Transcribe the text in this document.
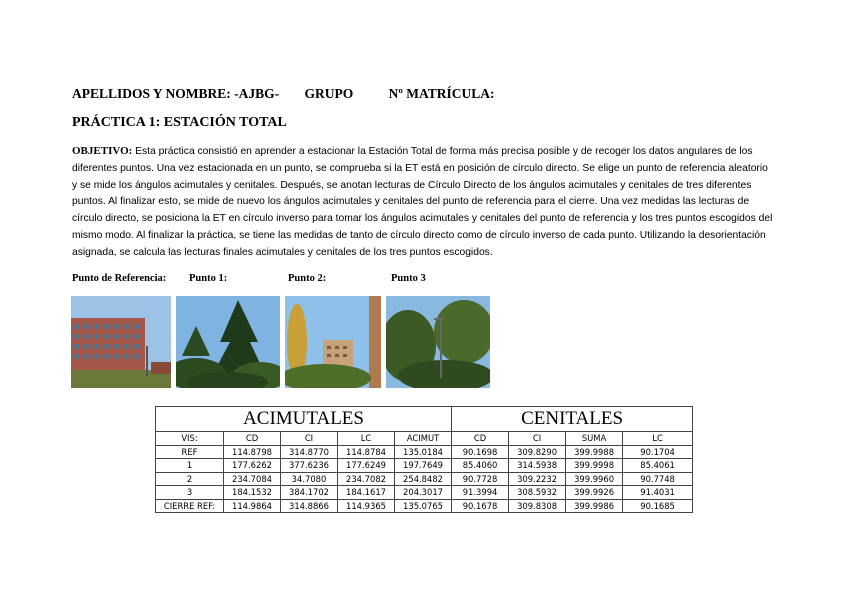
APELLIDOS Y NOMBRE: -AJBG- GRUPO	Nº MATRÍCULA:
PRÁCTICA 1: ESTACIÓN TOTAL
OBJETIVO: Esta práctica consistió en aprender a estacionar la Estación Total de forma más precisa posible y de recoger los datos angulares de los diferentes puntos. Una vez estacionada en un punto, se comprueba si la ET está en posición de círculo directo. Se elige un punto de referencia aleatorio y se mide los ángulos acimutales y cenitales. Después, se anotan lecturas de Círculo Directo de los ángulos acimutales y cenitales de tres diferentes puntos. Al finalizar esto, se mide de nuevo los ángulos acimutales y cenitales del punto de referencia para el cierre. Una vez medidas las lecturas de círculo directo, se posiciona la ET en círculo inverso para tomar los ángulos acimutales y cenitales del punto de referencia y los tres puntos escogidos del mismo modo. Al finalizar la práctica, se tiene las medidas de tanto de círculo directo como de círculo inverso de cada punto. Utilizando la desorientación asignada, se calcula las lecturas finales acimutales y cenitales de los tres puntos escogidos.
Punto de Referencia: Punto 1:	Punto 2:	Punto 3
ACIMUTALES					CENITALES			
VIS:	CD	CI	LC	ACIMUT	CD	CI	SUMA	LC
REF	114.8798	314.8770	114.8784	135.0184	90.1698	309.8290	399.9988	90.1704
1	177.6262	377.6236	177.6249	197.7649	85.4060	314.5938	399.9998	85.4061
2	234.7084	34.7080	234.7082	254.8482	90.7728	309.2232	399.9960	90.7748
3	184.1532	384.1702	184.1617	204.3017	91.3994	308.5932	399.9926	91.4031
CIERRE REF:	114.9864	314.8866	114.9365	135.0765	90.1678	309.8308	399.9986	90.1685
